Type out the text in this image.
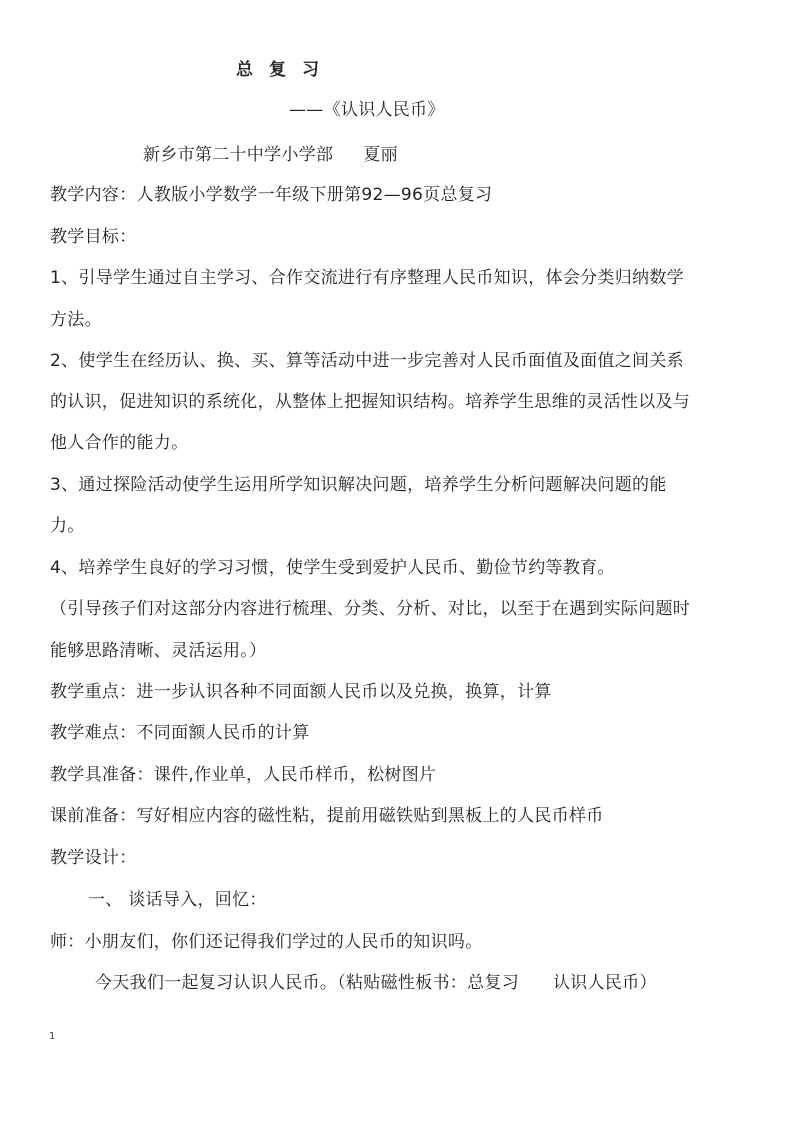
总复习
——《认识人民币》
新乡市第二十中学小学部 夏丽
教学内容：人教版小学数学一年级下册第92—96页总复习
教学目标：
1、引导学生通过自主学习、合作交流进行有序整理人民币知识，体会分类归纳数学
方法。
2、使学生在经历认、换、买、算等活动中进一步完善对人民币面值及面值之间关系
的认识，促进知识的系统化，从整体上把握知识结构。培养学生思维的灵活性以及与
他人合作的能力。
3、通过探险活动使学生运用所学知识解决问题，培养学生分析问题解决问题的能
力。
4、培养学生良好的学习习惯，使学生受到爱护人民币、勤俭节约等教育。
（引导孩子们对这部分内容进行梳理、分类、分析、对比，以至于在遇到实际问题时
能够思路清晰、灵活运用。）
教学重点：进一步认识各种不同面额人民币以及兑换，换算，计算
教学难点：不同面额人民币的计算
教学具准备：课件,作业单，人民币样币，松树图片
课前准备：写好相应内容的磁性粘，提前用磁铁贴到黑板上的人民币样币
教学设计：
一、 谈话导入，回忆：
师：小朋友们，你们还记得我们学过的人民币的知识吗。
今天我们一起复习认识人民币。（粘贴磁性板书：总复习 认识人民币）
1
